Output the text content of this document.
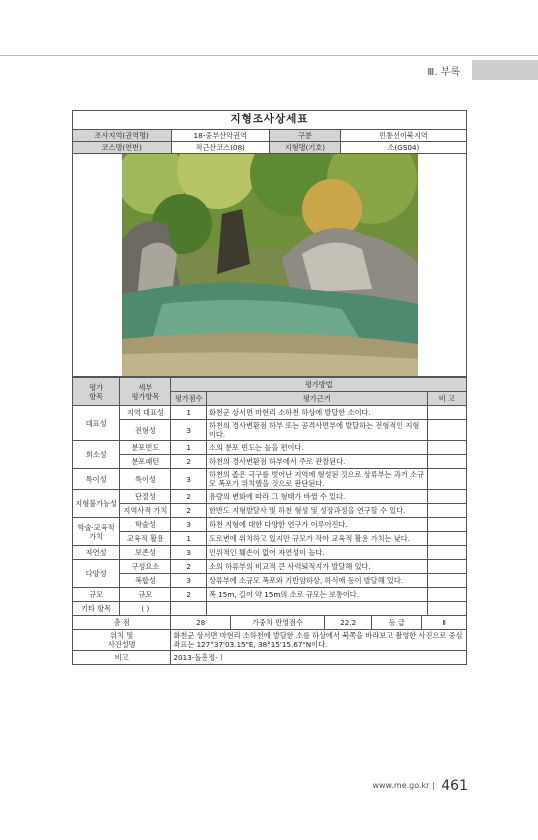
Ⅲ. 부록
지형조사상세표			
조사지역(권역명)	18-중부산악권역	구분	민통선이북지역
코스명(연번)	적근산코스(08)	지형명(기호)	소(GS04)

평가
항목	세부
평가항목	평가방법
평가점수	평가근거	비 고
대표성	지역 대표성	1	화천군 상서면 마현리 소하천 하상에 발달한 소이다.	
전형성	3	하천의 경사변환점 하부 또는 공격사면부에 발달하는 전형적인 지형이다.	
희소성	분포빈도	1	소의 분포 빈도는 높을 편이다.	
분포패턴	2	하천의 경사변환점 하부에서 주로 관찰된다.	
특이성	특이성	3	하천의 좁은 극구를 벗어난 지역에 형성된 것으로 상류부는 과거 소규모 폭포가 위치했을 것으로 판단된다.	
지형불가능성	단절성	2	유량의 변화에 따라 그 형태가 바뀔 수 있다.	
지역사적 가치	2	한반도 지형발달사 및 하천 형성 및 성장과정을 연구할 수 있다.	
학술·교육적 가치	학술성	3	하천 지형에 대한 다양한 연구가 이루어진다.	
교육적 활용	1	도로변에 위치하고 있지만 규모가 작아 교육적 활용 가치는 낮다.	
자연성	보존성	3	인위적인 훼손이 없어 자연성이 높다.	
다양성	구성요소	2	소의 하류부의 비교적 큰 사력퇴적지가 발달해 있다.	
복합성	3	상류부에 소규모 폭포와 기반암하상, 하식애 등이 발달해 있다.	
규모	규모	2	폭 15m, 길이 약 15m의 소로 규모는 보통이다.	
기타 항목	( )			
총 점		28	가중치 반영점수	22.2	등 급	Ⅱ

위치 및
사진설명	화천군 상서면 마현리 소하천에 발달한 소를 하상에서 북쪽을 바라보고 촬영한 사진으로 중심좌표는 127°37'03.15"E, 38°15'15.67"N이다.
비고	2013-돌흥정-ㅣ
www.me.go.kr | 461
